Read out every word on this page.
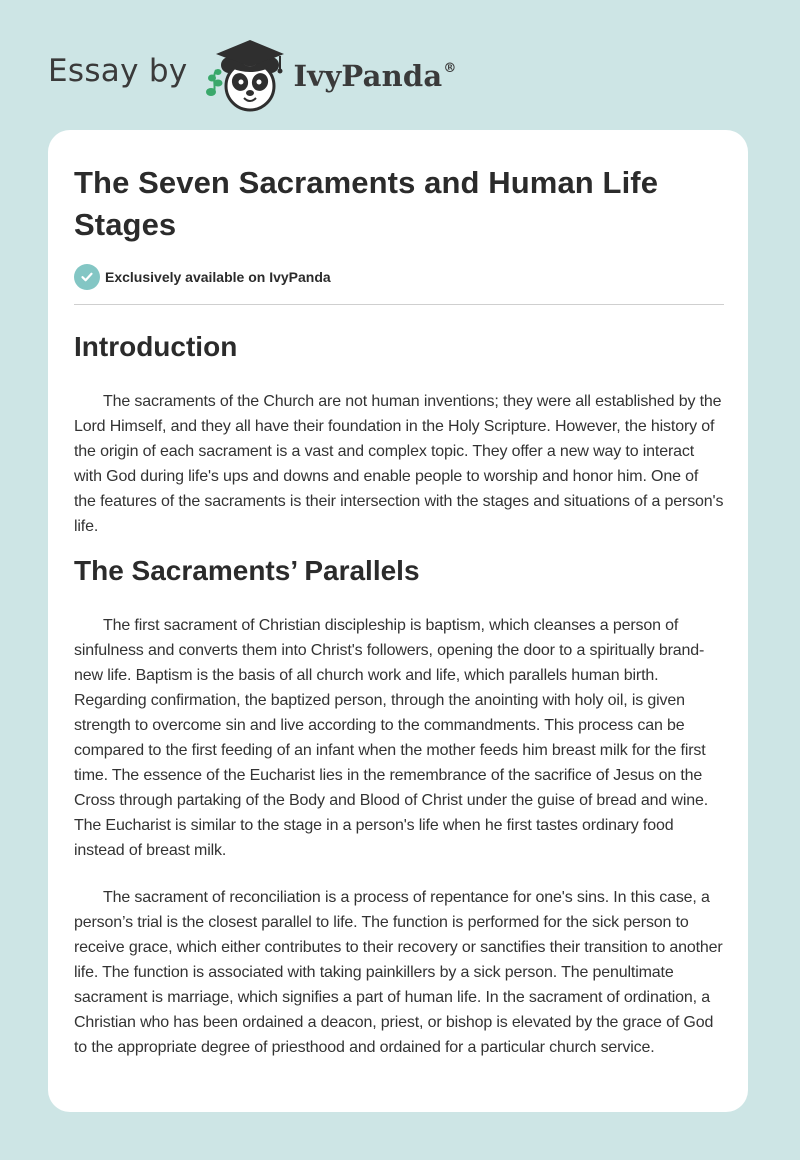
Essay by	IvyPanda®
The Seven Sacraments and Human Life Stages
Exclusively available on IvyPanda
Introduction

The sacraments of the Church are not human inventions; they were all established by the Lord Himself, and they all have their foundation in the Holy Scripture. However, the history of the origin of each sacrament is a vast and complex topic. They offer a new way to interact with God during life's ups and downs and enable people to worship and honor him. One of the features of the sacraments is their intersection with the stages and situations of a person's life.

The Sacraments’ Parallels

The first sacrament of Christian discipleship is baptism, which cleanses a person of sinfulness and converts them into Christ's followers, opening the door to a spiritually brand-new life. Baptism is the basis of all church work and life, which parallels human birth. Regarding confirmation, the baptized person, through the anointing with holy oil, is given strength to overcome sin and live according to the commandments. This process can be compared to the first feeding of an infant when the mother feeds him breast milk for the first time. The essence of the Eucharist lies in the remembrance of the sacrifice of Jesus on the Cross through partaking of the Body and Blood of Christ under the guise of bread and wine. The Eucharist is similar to the stage in a person's life when he first tastes ordinary food instead of breast milk.

The sacrament of reconciliation is a process of repentance for one's sins. In this case, a person’s trial is the closest parallel to life. The function is performed for the sick person to receive grace, which either contributes to their recovery or sanctifies their transition to another life. The function is associated with taking painkillers by a sick person. The penultimate sacrament is marriage, which signifies a part of human life. In the sacrament of ordination, a Christian who has been ordained a deacon, priest, or bishop is elevated by the grace of God to the appropriate degree of priesthood and ordained for a particular church service.
